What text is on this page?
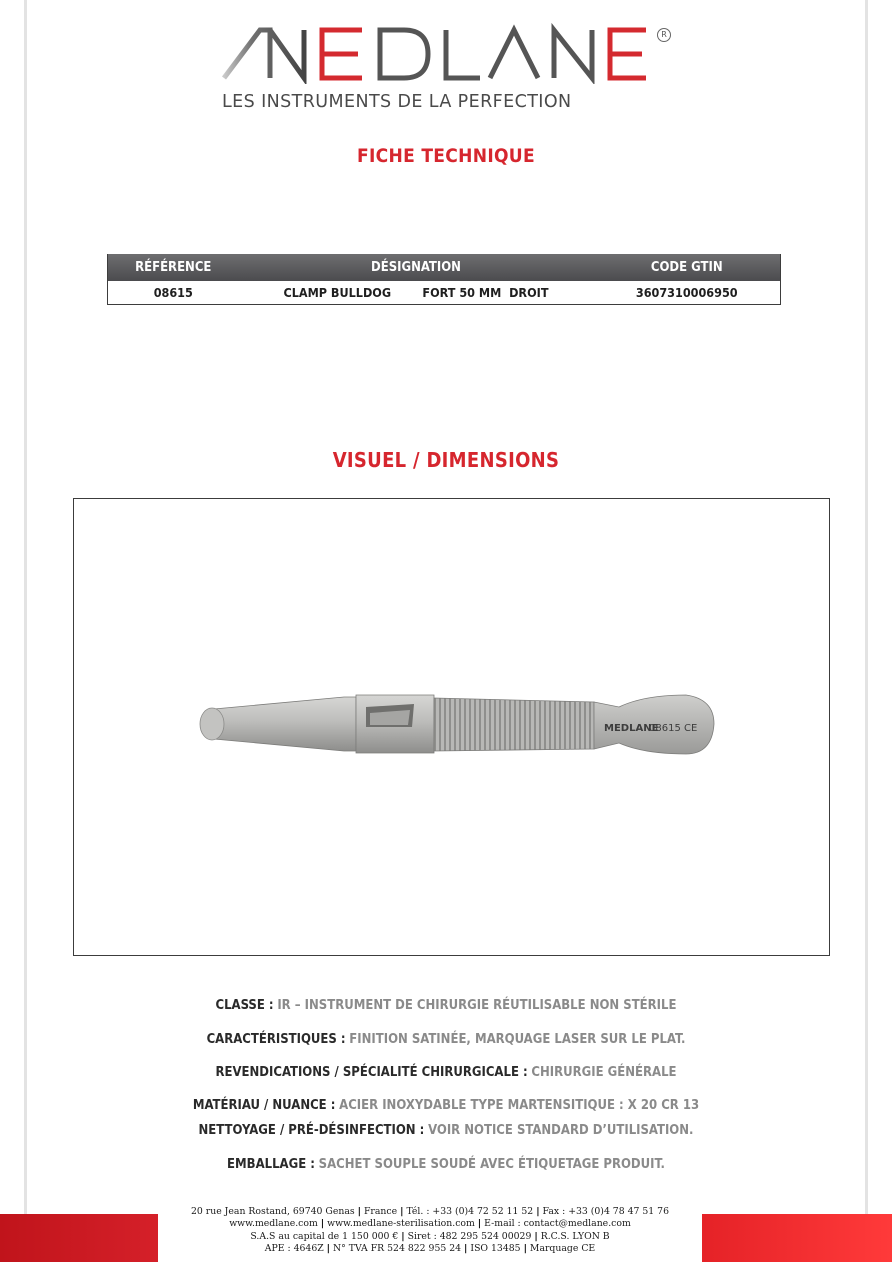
R
LES INSTRUMENTS DE LA PERFECTION
FICHE TECHNIQUE
RÉFÉRENCE	DÉSIGNATION	CODE GTIN
08615	CLAMP BULLDOG        FORT 50 MM  DROIT	3607310006950
VISUEL / DIMENSIONS
MEDLANE
08615 CE
CLASSE : IR – INSTRUMENT DE CHIRURGIE RÉUTILISABLE NON STÉRILE
CARACTÉRISTIQUES : FINITION SATINÉE, MARQUAGE LASER SUR LE PLAT.
REVENDICATIONS / SPÉCIALITÉ CHIRURGICALE : CHIRURGIE GÉNÉRALE
MATÉRIAU / NUANCE : ACIER INOXYDABLE TYPE MARTENSITIQUE : X 20 CR 13
NETTOYAGE / PRÉ-DÉSINFECTION : VOIR NOTICE STANDARD D’UTILISATION.
EMBALLAGE : SACHET SOUPLE SOUDÉ AVEC ÉTIQUETAGE PRODUIT.
20 rue Jean Rostand, 69740 Genas | France | Tél. : +33 (0)4 72 52 11 52 | Fax : +33 (0)4 78 47 51 76
www.medlane.com | www.medlane-sterilisation.com | E-mail : contact@medlane.com
S.A.S au capital de 1 150 000 € | Siret : 482 295 524 00029 | R.C.S. LYON B
APE : 4646Z | N° TVA FR 524 822 955 24 | ISO 13485 | Marquage CE
